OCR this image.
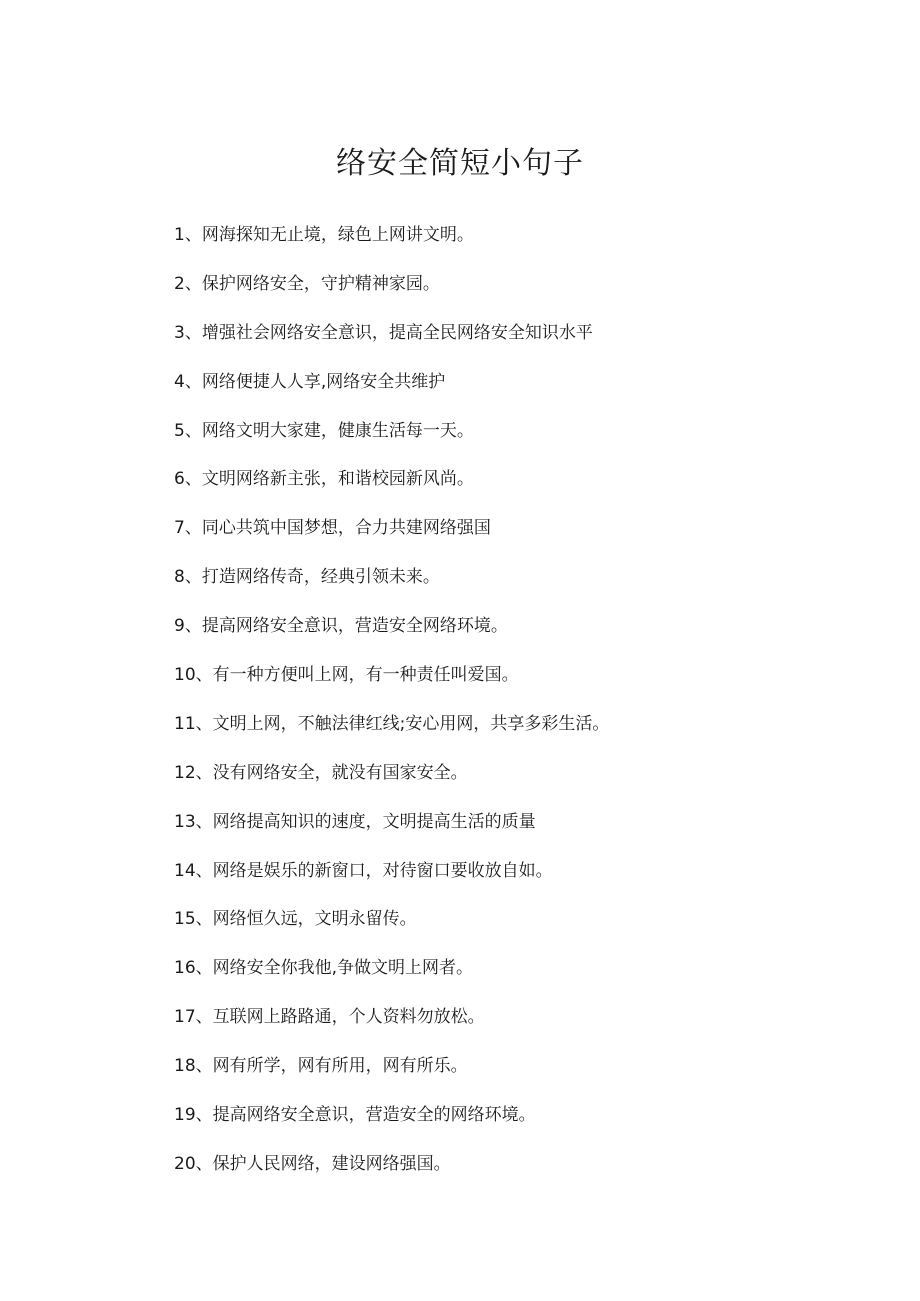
络安全简短小句子
1、网海探知无止境，绿色上网讲文明。
2、保护网络安全，守护精神家园。
3、增强社会网络安全意识，提高全民网络安全知识水平
4、网络便捷人人享,网络安全共维护
5、网络文明大家建，健康生活每一天。
6、文明网络新主张，和谐校园新风尚。
7、同心共筑中国梦想，合力共建网络强国
8、打造网络传奇，经典引领未来。
9、提高网络安全意识，营造安全网络环境。
10、有一种方便叫上网，有一种责任叫爱国。
11、文明上网，不触法律红线;安心用网，共享多彩生活。
12、没有网络安全，就没有国家安全。
13、网络提高知识的速度，文明提高生活的质量
14、网络是娱乐的新窗口，对待窗口要收放自如。
15、网络恒久远，文明永留传。
16、网络安全你我他,争做文明上网者。
17、互联网上路路通，个人资料勿放松。
18、网有所学，网有所用，网有所乐。
19、提高网络安全意识，营造安全的网络环境。
20、保护人民网络，建设网络强国。
